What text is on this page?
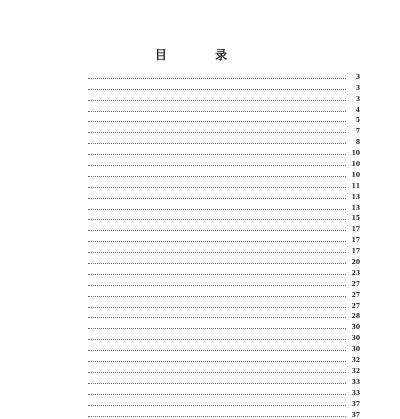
目 录
3
3
3
4
5
7
8
10
10
10
11
13
13
15
17
17
17
20
23
27
27
27
28
30
30
30
32
32
33
33
37
37
